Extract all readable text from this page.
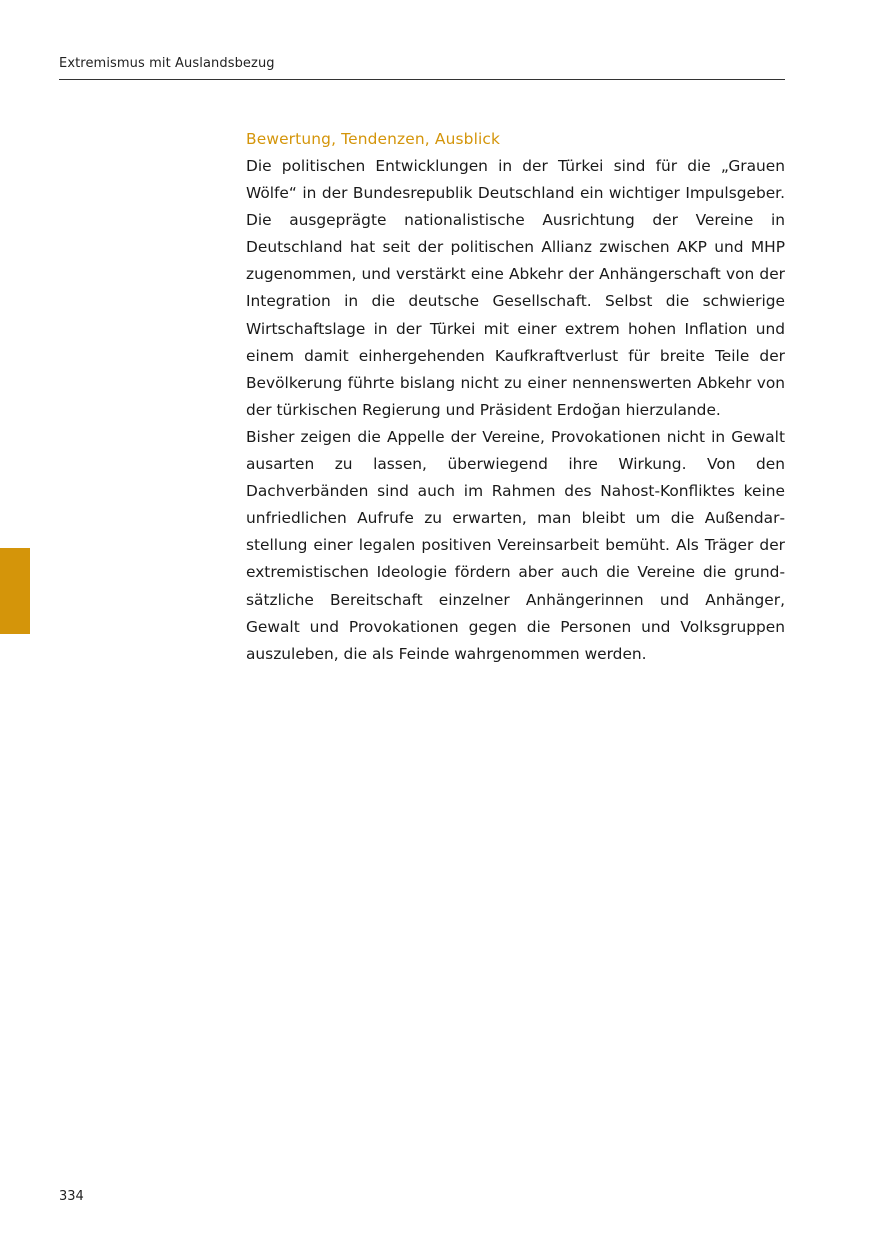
Extremismus mit Auslandsbezug
Bewertung, Tendenzen, Ausblick

Die politischen Entwicklungen in der Türkei sind für die „Grauen Wölfe“ in der Bundesrepublik Deutschland ein wichtiger Impulsgeber. Die ausgeprägte nationalistische Ausrichtung der Vereine in Deutschland hat seit der politischen Allianz zwischen AKP und MHP zugenommen, und verstärkt eine Abkehr der Anhängerschaft von der Integration in die deutsche Gesellschaft. Selbst die schwierige Wirtschaftslage in der Türkei mit einer extrem hohen Inflation und einem damit einhergehenden Kaufkraftverlust für breite Teile der Bevölkerung führte bislang nicht zu einer nennenswerten Abkehr von der türkischen Regierung und Präsident Erdoğan hierzulande.

Bisher zeigen die Appelle der Vereine, Provokationen nicht in Gewalt ausarten zu lassen, überwiegend ihre Wirkung. Von den Dachverbänden sind auch im Rahmen des Nahost-Konfliktes keine unfriedlichen Aufrufe zu erwarten, man bleibt um die Außendarstellung einer legalen positiven Vereinsarbeit bemüht. Als Träger der extremistischen Ideologie fördern aber auch die Vereine die grundsätzliche Bereitschaft einzelner Anhängerinnen und Anhänger, Gewalt und Provokationen gegen die Personen und Volksgruppen auszuleben, die als Feinde wahrgenommen werden.

334
